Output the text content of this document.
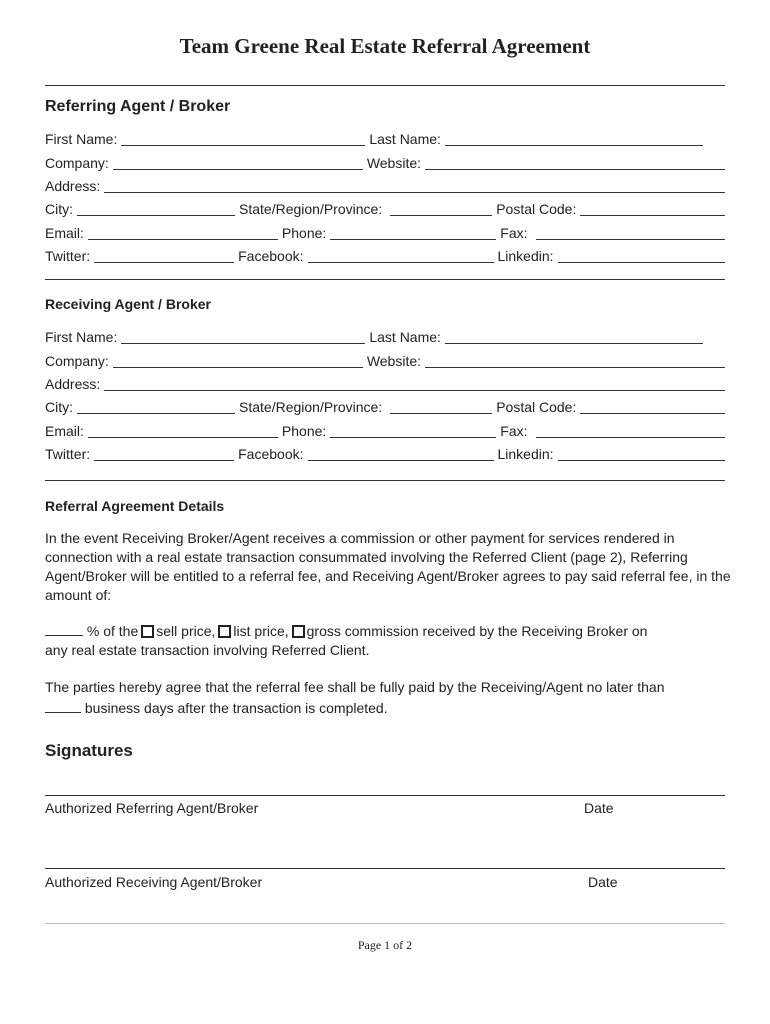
Team Greene Real Estate Referral Agreement
Referring Agent / Broker
First Name:	Last Name:
Company:	Website:
Address:
City:	State/Region/Province:	Postal Code:
Email:	Phone:	Fax:
Twitter:	Facebook:	Linkedin:
Receiving Agent / Broker
First Name:	Last Name:
Company:	Website:
Address:
City:	State/Region/Province:	Postal Code:
Email:	Phone:	Fax:
Twitter:	Facebook:	Linkedin:
Referral Agreement Details
In the event Receiving Broker/Agent receives a commission or other payment for services rendered in connection with a real estate transaction consummated involving the Referred Client (page 2), Referring Agent/Broker will be entitled to a referral fee, and Receiving Agent/Broker agrees to pay said referral fee, in the amount of:
% of the sell price, list price, gross commission received by the Receiving Broker on
any real estate transaction involving Referred Client.
The parties hereby agree that the referral fee shall be fully paid by the Receiving/Agent no later than
business days after the transaction is completed.
Signatures
Authorized Referring Agent/Broker	Date
Authorized Receiving Agent/Broker	Date
Page 1 of 2
